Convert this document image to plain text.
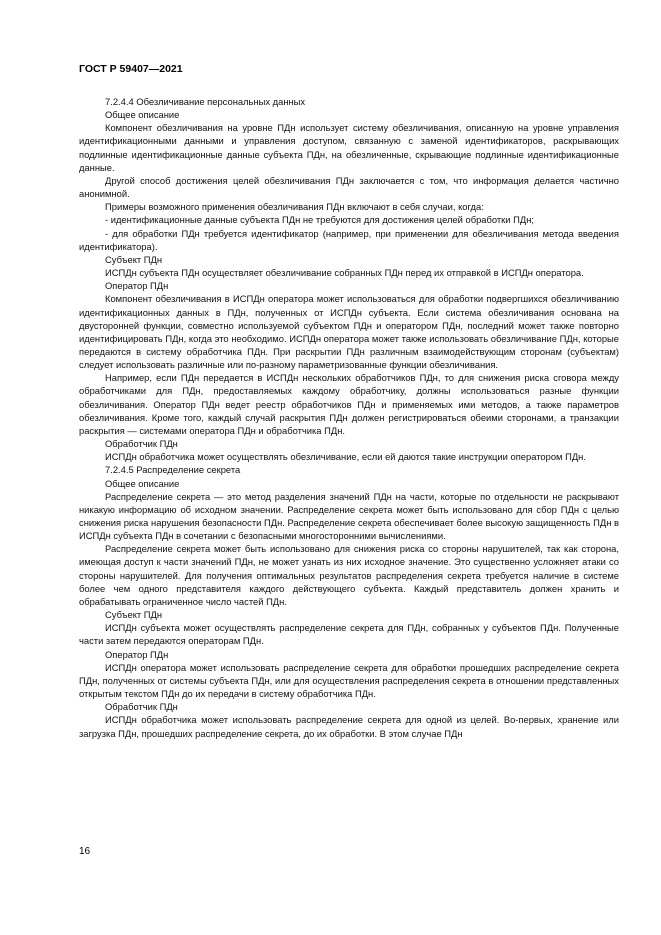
ГОСТ Р 59407—2021

7.2.4.4 Обезличивание персональных данных

Общее описание

Компонент обезличивания на уровне ПДн использует систему обезличивания, описанную на уровне управления идентификационными данными и управления доступом, связанную с заменой идентификаторов, раскрывающих подлинные идентификационные данные субъекта ПДн, на обезличенные, скрывающие подлинные идентификационные данные.

Другой способ достижения целей обезличивания ПДн заключается с том, что информация делается частично анонимной.

Примеры возможного применения обезличивания ПДн включают в себя случаи, когда:

- идентификационные данные субъекта ПДн не требуются для достижения целей обработки ПДн;

- для обработки ПДн требуется идентификатор (например, при применении для обезличивания метода введения идентификатора).

Субъект ПДн

ИСПДн субъекта ПДн осуществляет обезличивание собранных ПДн перед их отправкой в ИСПДн оператора.

Оператор ПДн

Компонент обезличивания в ИСПДн оператора может использоваться для обработки подвергшихся обезличиванию идентификационных данных в ПДн, полученных от ИСПДн субъекта. Если система обезличивания основана на двусторонней функции, совместно используемой субъектом ПДн и оператором ПДн, последний может также повторно идентифицировать ПДн, когда это необходимо. ИСПДн оператора может также использовать обезличивание ПДн, которые передаются в систему обработчика ПДн. При раскрытии ПДн различным взаимодействующим сторонам (субъектам) следует использовать различные или по-разному параметризованные функции обезличивания.

Например, если ПДн передается в ИСПДн нескольких обработчиков ПДн, то для снижения риска сговора между обработчиками для ПДн, предоставляемых каждому обработчику, должны использоваться разные функции обезличивания. Оператор ПДн ведет реестр обработчиков ПДн и применяемых ими методов, а также параметров обезличивания. Кроме того, каждый случай раскрытия ПДн должен регистрироваться обеими сторонами, а транзакции раскрытия — системами оператора ПДн и обработчика ПДн.

Обработчик ПДн

ИСПДн обработчика может осуществлять обезличивание, если ей даются такие инструкции оператором ПДн.

7.2.4.5 Распределение секрета

Общее описание

Распределение секрета — это метод разделения значений ПДн на части, которые по отдельности не раскрывают никакую информацию об исходном значении. Распределение секрета может быть использовано для сбор ПДн с целью снижения риска нарушения безопасности ПДн. Распределение секрета обеспечивает более высокую защищенность ПДн в ИСПДн субъекта ПДн в сочетании с безопасными многосторонними вычислениями.

Распределение секрета может быть использовано для снижения риска со стороны нарушителей, так как сторона, имеющая доступ к части значений ПДн, не может узнать из них исходное значение. Это существенно усложняет атаки со стороны нарушителей. Для получения оптимальных результатов распределения секрета требуется наличие в системе более чем одного представителя каждого действующего субъекта. Каждый представитель должен хранить и обрабатывать ограниченное число частей ПДн.

Субъект ПДн

ИСПДн субъекта может осуществлять распределение секрета для ПДн, собранных у субъектов ПДн. Полученные части затем передаются операторам ПДн.

Оператор ПДн

ИСПДн оператора может использовать распределение секрета для обработки прошедших распределение секрета ПДн, полученных от системы субъекта ПДн, или для осуществления распределения секрета в отношении представленных открытым текстом ПДн до их передачи в систему обработчика ПДн.

Обработчик ПДн

ИСПДн обработчика может использовать распределение секрета для одной из целей. Во-первых, хранение или загрузка ПДн, прошедших распределение секрета, до их обработки. В этом случае ПДн

16
